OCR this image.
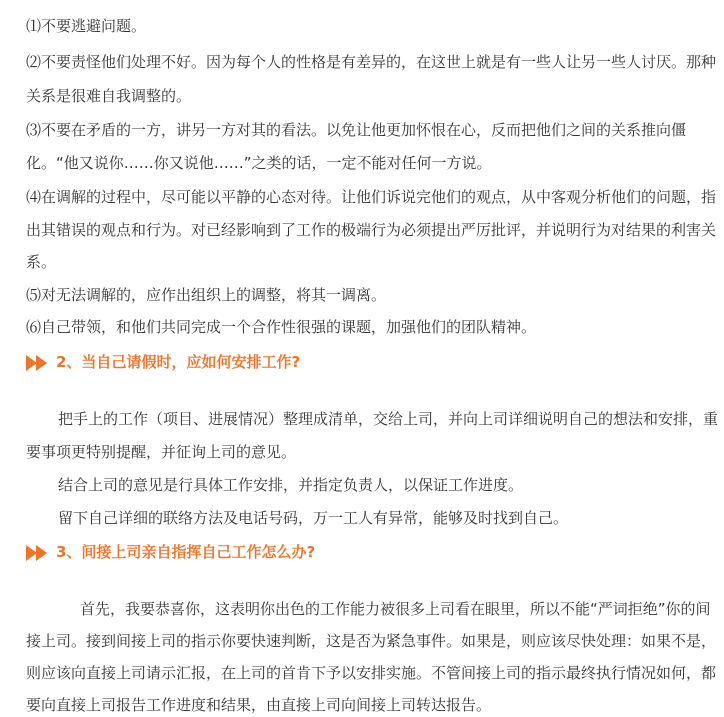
⑴不要逃避问题。
⑵不要责怪他们处理不好。因为每个人的性格是有差异的，在这世上就是有一些人让另一些人讨厌。那种
关系是很难自我调整的。
⑶不要在矛盾的一方，讲另一方对其的看法。以免让他更加怀恨在心，反而把他们之间的关系推向僵
化。“他又说你……你又说他……”之类的话，一定不能对任何一方说。
⑷在调解的过程中，尽可能以平静的心态对待。让他们诉说完他们的观点，从中客观分析他们的问题，指
出其错误的观点和行为。对已经影响到了工作的极端行为必须提出严厉批评，并说明行为对结果的利害关
系。
⑸对无法调解的，应作出组织上的调整，将其一调离。
⑹自己带领，和他们共同完成一个合作性很强的课题，加强他们的团队精神。
2、当自己请假时，应如何安排工作?
把手上的工作（项目、进展情况）整理成清单，交给上司，并向上司详细说明自己的想法和安排，重
要事项更特别提醒，并征询上司的意见。
结合上司的意见是行具体工作安排，并指定负责人，以保证工作进度。
留下自己详细的联络方法及电话号码，万一工人有异常，能够及时找到自己。
3、间接上司亲自指挥自己工作怎么办?
首先，我要恭喜你，这表明你出色的工作能力被很多上司看在眼里，所以不能“严词拒绝”你的间
接上司。接到间接上司的指示你要快速判断，这是否为紧急事件。如果是，则应该尽快处理：如果不是，
则应该向直接上司请示汇报，在上司的首肯下予以安排实施。不管间接上司的指示最终执行情况如何，都
要向直接上司报告工作进度和结果，由直接上司向间接上司转达报告。
